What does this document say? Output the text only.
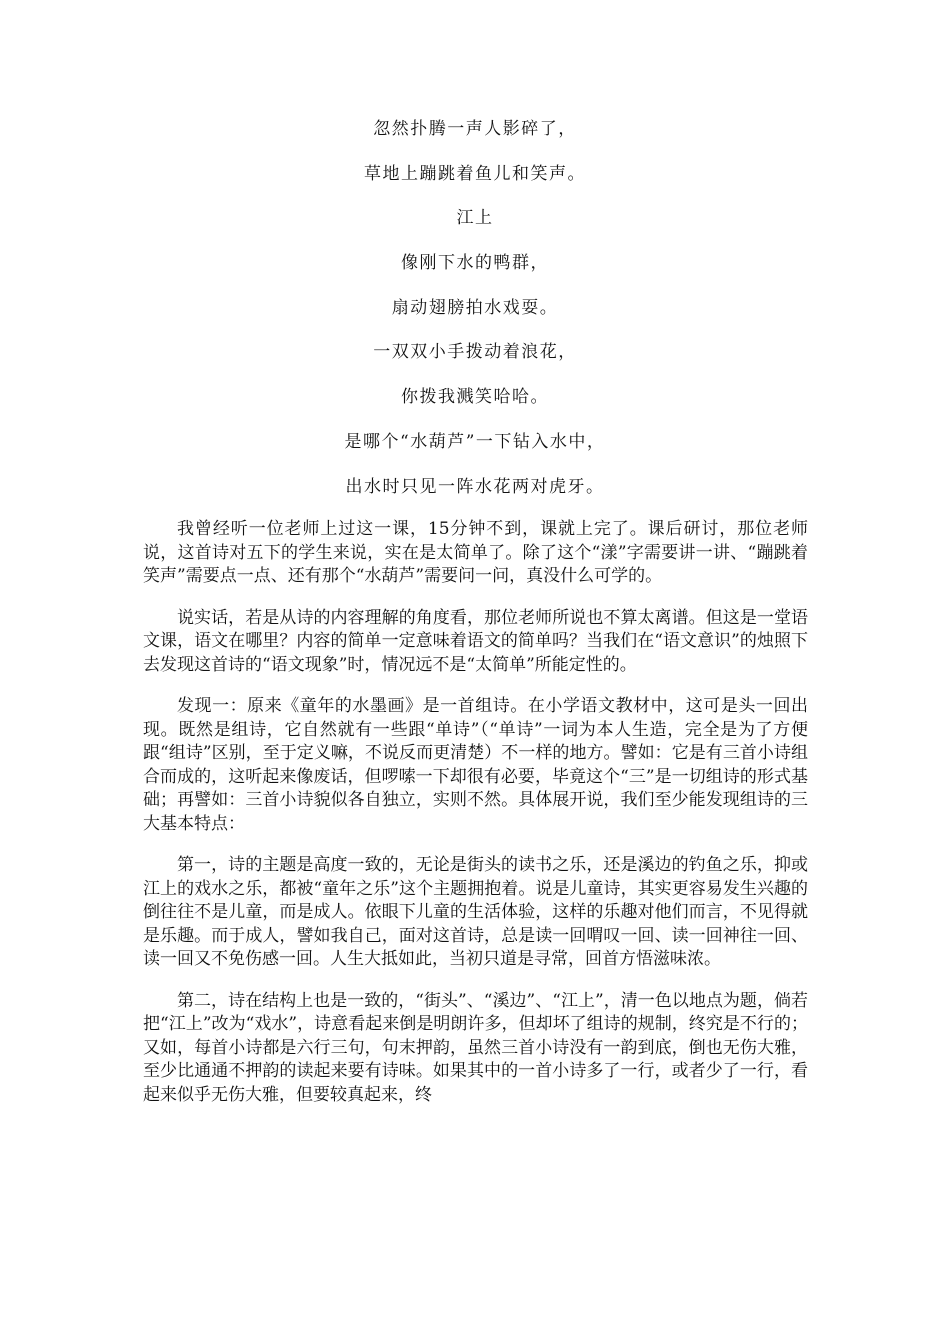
忽然扑腾一声人影碎了，

草地上蹦跳着鱼儿和笑声。

江上

像刚下水的鸭群，

扇动翅膀拍水戏耍。

一双双小手拨动着浪花，

你拨我溅笑哈哈。

是哪个“水葫芦”一下钻入水中，

出水时只见一阵水花两对虎牙。

我曾经听一位老师上过这一课，15分钟不到，课就上完了。课后研讨，那位老师说，这首诗对五下的学生来说，实在是太简单了。除了这个“漾”字需要讲一讲、“蹦跳着笑声”需要点一点、还有那个“水葫芦”需要问一问，真没什么可学的。

说实话，若是从诗的内容理解的角度看，那位老师所说也不算太离谱。但这是一堂语文课，语文在哪里？内容的简单一定意味着语文的简单吗？当我们在“语文意识”的烛照下去发现这首诗的“语文现象”时，情况远不是“太简单”所能定性的。

发现一：原来《童年的水墨画》是一首组诗。在小学语文教材中，这可是头一回出现。既然是组诗，它自然就有一些跟“单诗”（“单诗”一词为本人生造，完全是为了方便跟“组诗”区别，至于定义嘛，不说反而更清楚）不一样的地方。譬如：它是有三首小诗组合而成的，这听起来像废话，但啰嗦一下却很有必要，毕竟这个“三”是一切组诗的形式基础；再譬如：三首小诗貌似各自独立，实则不然。具体展开说，我们至少能发现组诗的三大基本特点：

第一，诗的主题是高度一致的，无论是街头的读书之乐，还是溪边的钓鱼之乐，抑或江上的戏水之乐，都被“童年之乐”这个主题拥抱着。说是儿童诗，其实更容易发生兴趣的倒往往不是儿童，而是成人。依眼下儿童的生活体验，这样的乐趣对他们而言，不见得就是乐趣。而于成人，譬如我自己，面对这首诗，总是读一回喟叹一回、读一回神往一回、读一回又不免伤感一回。人生大抵如此，当初只道是寻常，回首方悟滋味浓。

第二，诗在结构上也是一致的，“街头”、“溪边”、“江上”，清一色以地点为题，倘若把“江上”改为“戏水”，诗意看起来倒是明朗许多，但却坏了组诗的规制，终究是不行的；又如，每首小诗都是六行三句，句末押韵，虽然三首小诗没有一韵到底，倒也无伤大雅，至少比通通不押韵的读起来要有诗味。如果其中的一首小诗多了一行，或者少了一行，看起来似乎无伤大雅，但要较真起来，终
